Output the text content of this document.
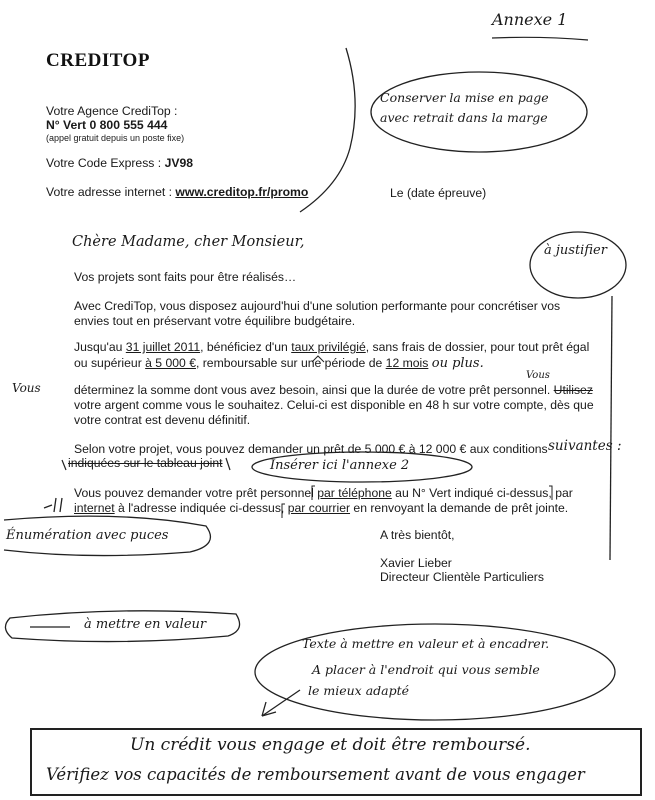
Annexe 1
CREDITOP
Votre Agence CrediTop :
N° Vert 0 800 555 444
(appel gratuit depuis un poste fixe)
Votre Code Express : JV98
Votre adresse internet : www.creditop.fr/promo	Le (date épreuve)
Conserver la mise en page avec retrait dans la marge
Chère Madame, cher Monsieur,
à justifier
Vos projets sont faits pour être réalisés…
Avec CrediTop, vous disposez aujourd'hui d'une solution performante pour concrétiser vos
envies tout en préservant votre équilibre budgétaire.
Jusqu'au 31 juillet 2011, bénéficiez d'un taux privilégié, sans frais de dossier, pour tout prêt égal
ou supérieur à 5 000 €, remboursable sur une période de 12 mois ou plus.
Vous	déterminez la somme dont vous avez besoin, ainsi que la durée de votre prêt personnel. Utilisez
Vous
votre argent comme vous le souhaitez. Celui-ci est disponible en 48 h sur votre compte, dès que
votre contrat est devenu définitif.
Selon votre projet, vous pouvez demander un prêt de 5 000 € à 12 000 € aux conditions suivantes :
indiquées sur le tableau joint	Insérer ici l'annexe 2
Vous pouvez demander votre prêt personnel par téléphone au N° Vert indiqué ci-dessus, par
internet à l'adresse indiquée ci-dessus, par courrier en renvoyant la demande de prêt jointe.
Énumération avec puces	A très bientôt,
Xavier Lieber
Directeur Clientèle Particuliers
à mettre en valeur
Texte à mettre en valeur et à encadrer.
A placer à l'endroit qui vous semble
le mieux adapté
Un crédit vous engage et doit être remboursé.
Vérifiez vos capacités de remboursement avant de vous engager
